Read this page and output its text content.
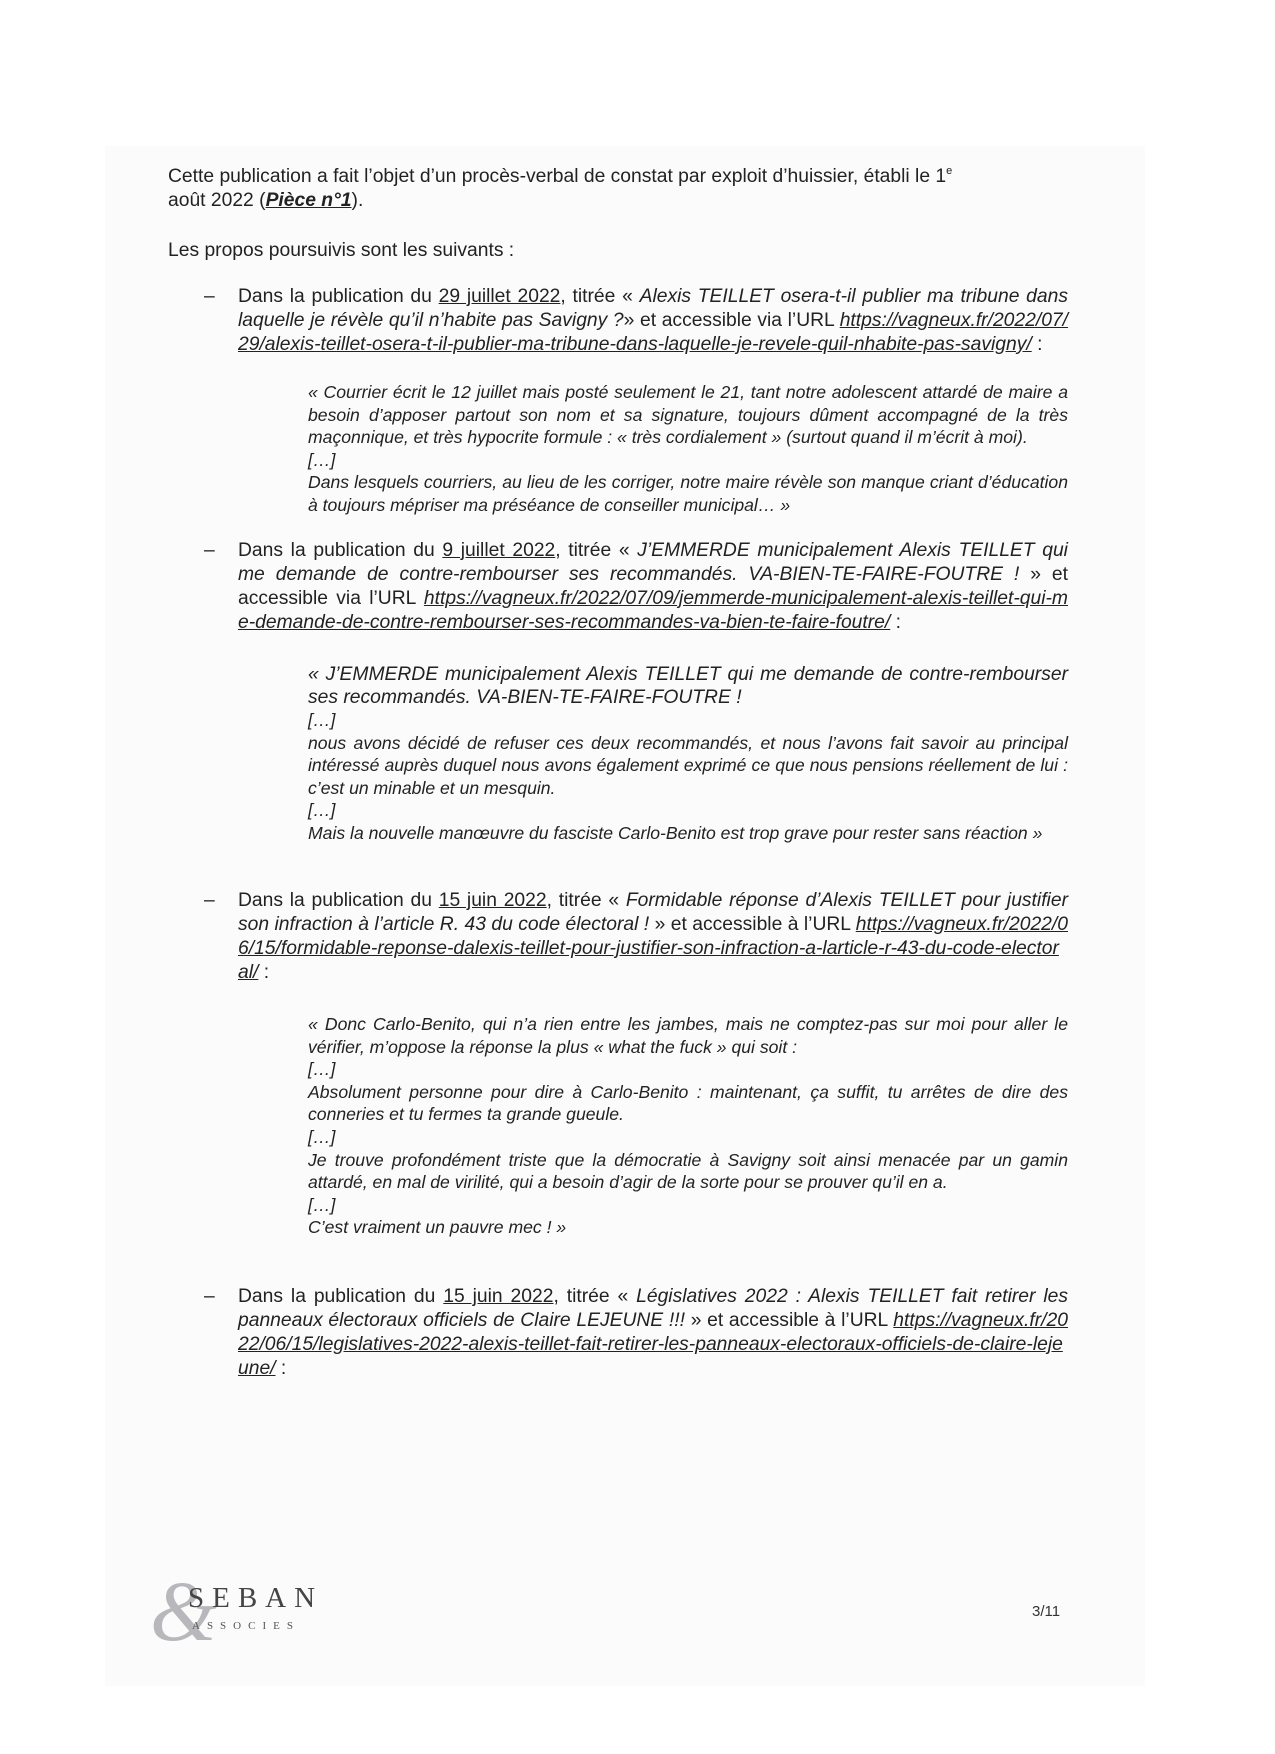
Cette publication a fait l’objet d’un procès-verbal de constat par exploit d’huissier, établi le 1e
août 2022 (Pièce n°1).

Les propos poursuivis sont les suivants :

– Dans la publication du 29 juillet 2022, titrée « Alexis TEILLET osera-t-il publier ma tribune dans laquelle je révèle qu’il n’habite pas Savigny ?» et accessible via l’URL https://vagneux.fr/2022/07/29/alexis-teillet-osera-t-il-publier-ma-tribune-dans-laquelle-je-revele-quil-nhabite-pas-savigny/ :

« Courrier écrit le 12 juillet mais posté seulement le 21, tant notre adolescent attardé de maire a besoin d’apposer partout son nom et sa signature, toujours dûment accompagné de la très maçonnique, et très hypocrite formule : « très cordialement » (surtout quand il m’écrit à moi).

[…]

Dans lesquels courriers, au lieu de les corriger, notre maire révèle son manque criant d’éducation à toujours mépriser ma préséance de conseiller municipal… »

– Dans la publication du 9 juillet 2022, titrée « J’EMMERDE municipalement Alexis TEILLET qui me demande de contre-rembourser ses recommandés. VA-BIEN-TE-FAIRE-FOUTRE ! » et accessible via l’URL https://vagneux.fr/2022/07/09/jemmerde-municipalement-alexis-teillet-qui-me-demande-de-contre-rembourser-ses-recommandes-va-bien-te-faire-foutre/ :

« J’EMMERDE municipalement Alexis TEILLET qui me demande de contre-rembourser ses recommandés. VA-BIEN-TE-FAIRE-FOUTRE !

[…]

nous avons décidé de refuser ces deux recommandés, et nous l’avons fait savoir au principal intéressé auprès duquel nous avons également exprimé ce que nous pensions réellement de lui : c’est un minable et un mesquin.

[…]

Mais la nouvelle manœuvre du fasciste Carlo-Benito est trop grave pour rester sans réaction »

– Dans la publication du 15 juin 2022, titrée « Formidable réponse d’Alexis TEILLET pour justifier son infraction à l’article R. 43 du code électoral ! » et accessible à l’URL https://vagneux.fr/2022/06/15/formidable-reponse-dalexis-teillet-pour-justifier-son-infraction-a-larticle-r-43-du-code-electoral/ :

« Donc Carlo-Benito, qui n’a rien entre les jambes, mais ne comptez-pas sur moi pour aller le vérifier, m’oppose la réponse la plus « what the fuck » qui soit :

[…]

Absolument personne pour dire à Carlo-Benito : maintenant, ça suffit, tu arrêtes de dire des conneries et tu fermes ta grande gueule.

[…]

Je trouve profondément triste que la démocratie à Savigny soit ainsi menacée par un gamin attardé, en mal de virilité, qui a besoin d’agir de la sorte pour se prouver qu’il en a.

[…]

C’est vraiment un pauvre mec ! »

– Dans la publication du 15 juin 2022, titrée « Législatives 2022 : Alexis TEILLET fait retirer les panneaux électoraux officiels de Claire LEJEUNE !!! » et accessible à l’URL https://vagneux.fr/2022/06/15/legislatives-2022-alexis-teillet-fait-retirer-les-panneaux-electoraux-officiels-de-claire-lejeune/ :

&
SEBAN
ASSOCIES
3/11
